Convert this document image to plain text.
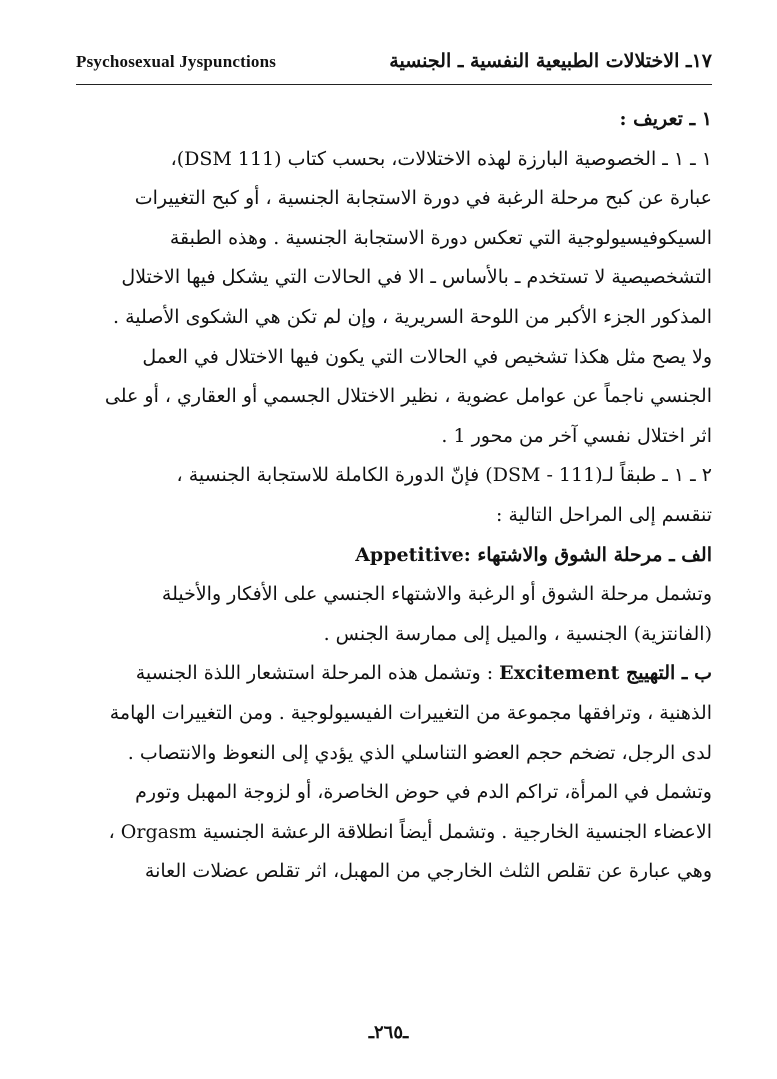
Psychosexual Jyspunctions	١٧ـ الاختلالات الطبيعية النفسية ـ الجنسية
١ ـ تعريف :
١ ـ ١ ـ الخصوصية البارزة لهذه الاختلالات، بحسب كتاب (DSM 111)،
عبارة عن كبح مرحلة الرغبة في دورة الاستجابة الجنسية ، أو كبح التغييرات
السيكوفيسيولوجية التي تعكس دورة الاستجابة الجنسية . وهذه الطبقة
التشخصيصية لا تستخدم ـ بالأساس ـ الا في الحالات التي يشكل فيها الاختلال
المذكور الجزء الأكبر من اللوحة السريرية ، وإن لم تكن هي الشكوى الأصلية .
ولا يصح مثل هكذا تشخيص في الحالات التي يكون فيها الاختلال في العمل
الجنسي ناجماً عن عوامل عضوية ، نظير الاختلال الجسمي أو العقاري ، أو على
اثر اختلال نفسي آخر من محور 1 .
٢ ـ ١ ـ طبقاً لـ(DSM - 111) فإنّ الدورة الكاملة للاستجابة الجنسية ،
تنقسم إلى المراحل التالية :
الف ـ مرحلة الشوق والاشتهاء :Appetitive
وتشمل مرحلة الشوق أو الرغبة والاشتهاء الجنسي على الأفكار والأخيلة
(الفانتزية) الجنسية ، والميل إلى ممارسة الجنس .
ب ـ التهييج Excitement : وتشمل هذه المرحلة استشعار اللذة الجنسية
الذهنية ، وترافقها مجموعة من التغييرات الفيسيولوجية . ومن التغييرات الهامة
لدى الرجل، تضخم حجم العضو التناسلي الذي يؤدي إلى النعوظ والانتصاب .
وتشمل في المرأة، تراكم الدم في حوض الخاصرة، أو لزوجة المهبل وتورم
الاعضاء الجنسية الخارجية . وتشمل أيضاً انطلاقة الرعشة الجنسية Orgasm ،
وهي عبارة عن تقلص الثلث الخارجي من المهبل، اثر تقلص عضلات العانة
ـ٢٦٥ـ
